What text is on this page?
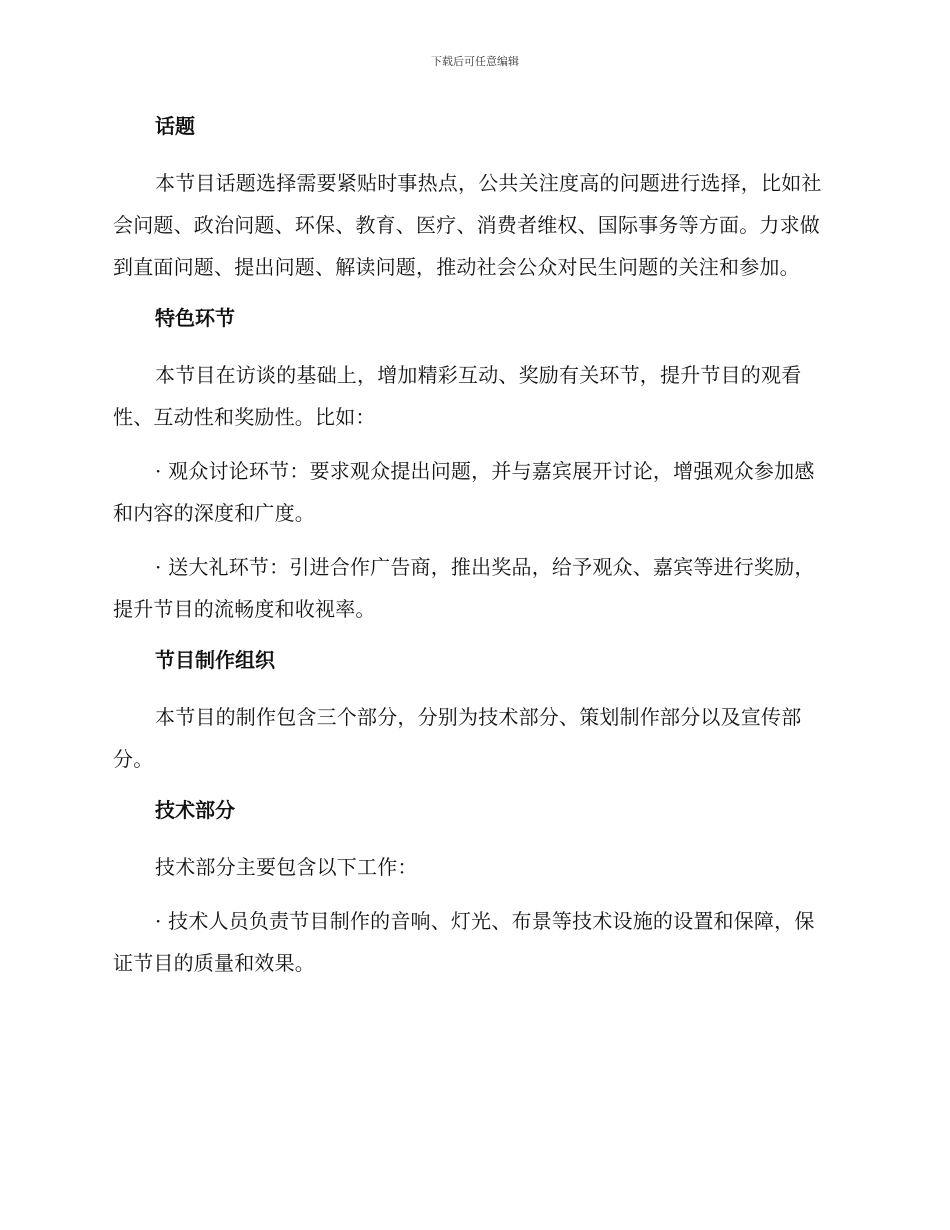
下载后可任意编辑
话题

本节目话题选择需要紧贴时事热点，公共关注度高的问题进行选择，比如社会问题、政治问题、环保、教育、医疗、消费者维权、国际事务等方面。力求做到直面问题、提出问题、解读问题，推动社会公众对民生问题的关注和参加。

特色环节

本节目在访谈的基础上，增加精彩互动、奖励有关环节，提升节目的观看性、互动性和奖励性。比如：

· 观众讨论环节：要求观众提出问题，并与嘉宾展开讨论，增强观众参加感和内容的深度和广度。

· 送大礼环节：引进合作广告商，推出奖品，给予观众、嘉宾等进行奖励，提升节目的流畅度和收视率。

节目制作组织

本节目的制作包含三个部分，分别为技术部分、策划制作部分以及宣传部分。

技术部分

技术部分主要包含以下工作：

· 技术人员负责节目制作的音响、灯光、布景等技术设施的设置和保障，保证节目的质量和效果。
